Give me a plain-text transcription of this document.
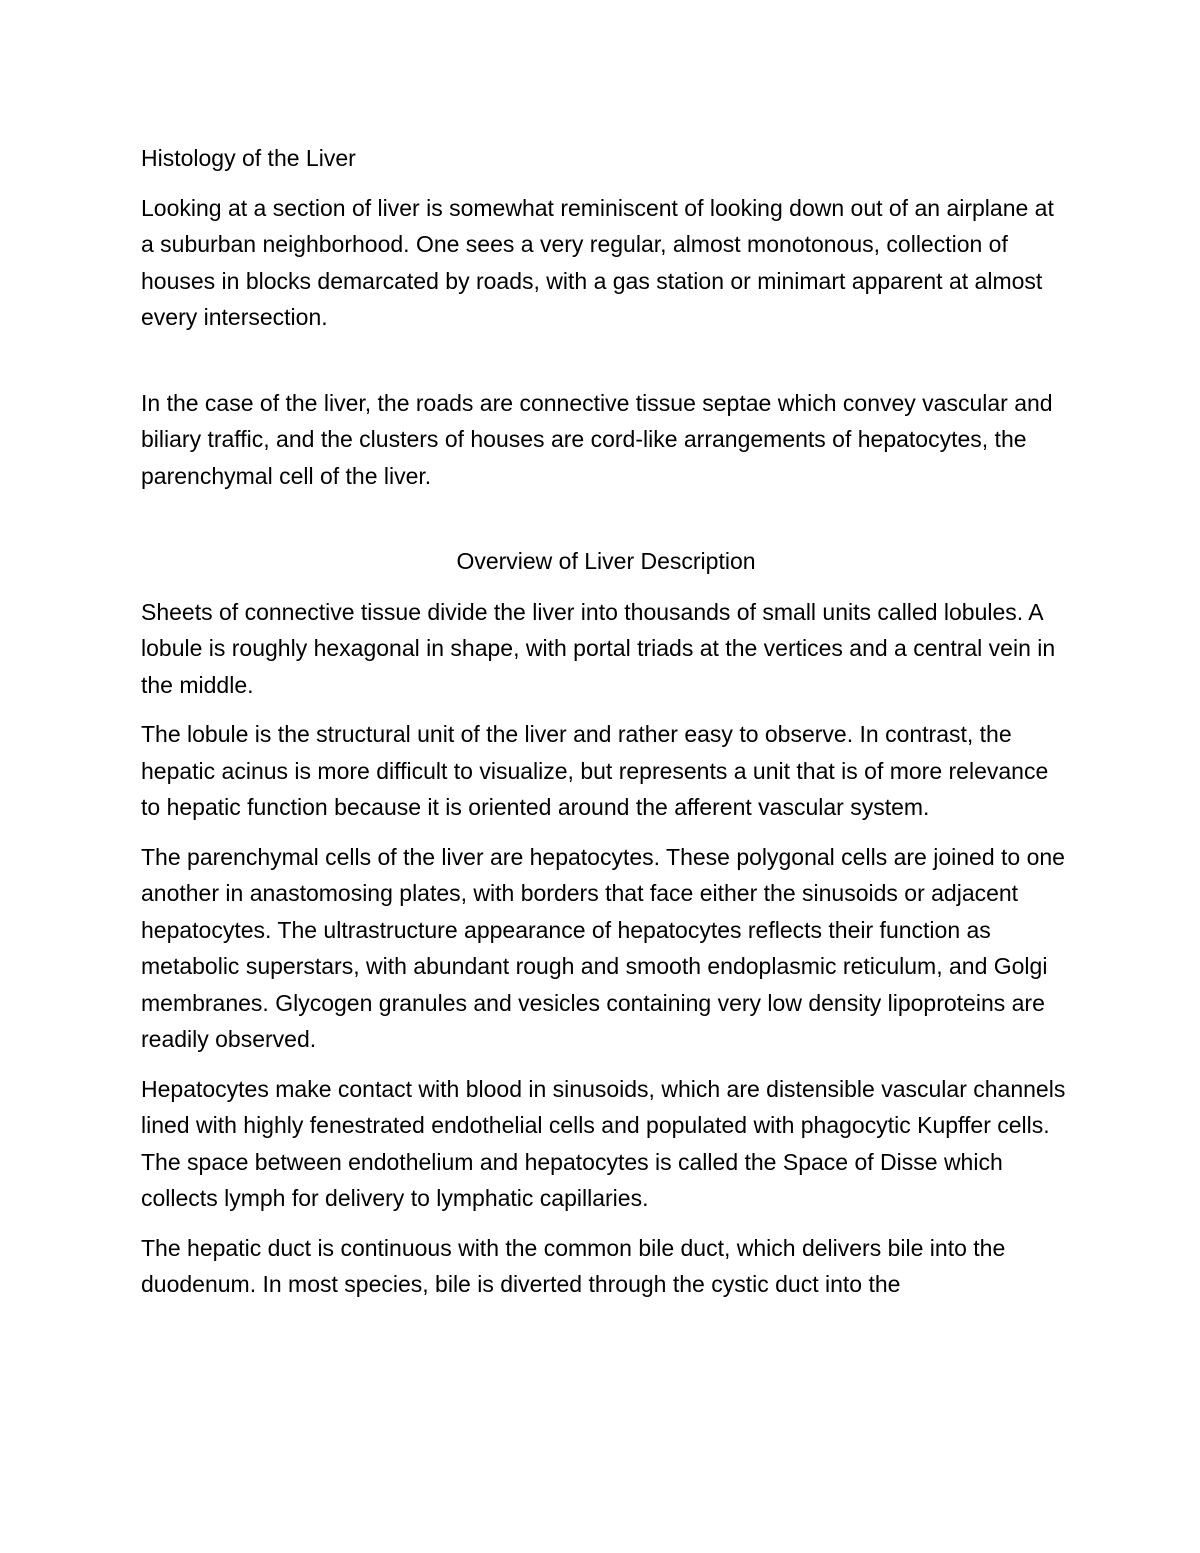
Histology of the Liver

Looking at a section of liver is somewhat reminiscent of looking down out of an airplane at a suburban neighborhood. One sees a very regular, almost monotonous, collection of houses in blocks demarcated by roads, with a gas station or minimart apparent at almost every intersection.

In the case of the liver, the roads are connective tissue septae which convey vascular and biliary traffic, and the clusters of houses are cord-like arrangements of hepatocytes, the parenchymal cell of the liver.

Overview of Liver Description

Sheets of connective tissue divide the liver into thousands of small units called lobules. A lobule is roughly hexagonal in shape, with portal triads at the vertices and a central vein in the middle.

The lobule is the structural unit of the liver and rather easy to observe. In contrast, the hepatic acinus is more difficult to visualize, but represents a unit that is of more relevance to hepatic function because it is oriented around the afferent vascular system.

The parenchymal cells of the liver are hepatocytes. These polygonal cells are joined to one another in anastomosing plates, with borders that face either the sinusoids or adjacent hepatocytes. The ultrastructure appearance of hepatocytes reflects their function as metabolic superstars, with abundant rough and smooth endoplasmic reticulum, and Golgi membranes. Glycogen granules and vesicles containing very low density lipoproteins are readily observed.

Hepatocytes make contact with blood in sinusoids, which are distensible vascular channels lined with highly fenestrated endothelial cells and populated with phagocytic Kupffer cells. The space between endothelium and hepatocytes is called the Space of Disse which collects lymph for delivery to lymphatic capillaries.

The hepatic duct is continuous with the common bile duct, which delivers bile into the duodenum. In most species, bile is diverted through the cystic duct into the
